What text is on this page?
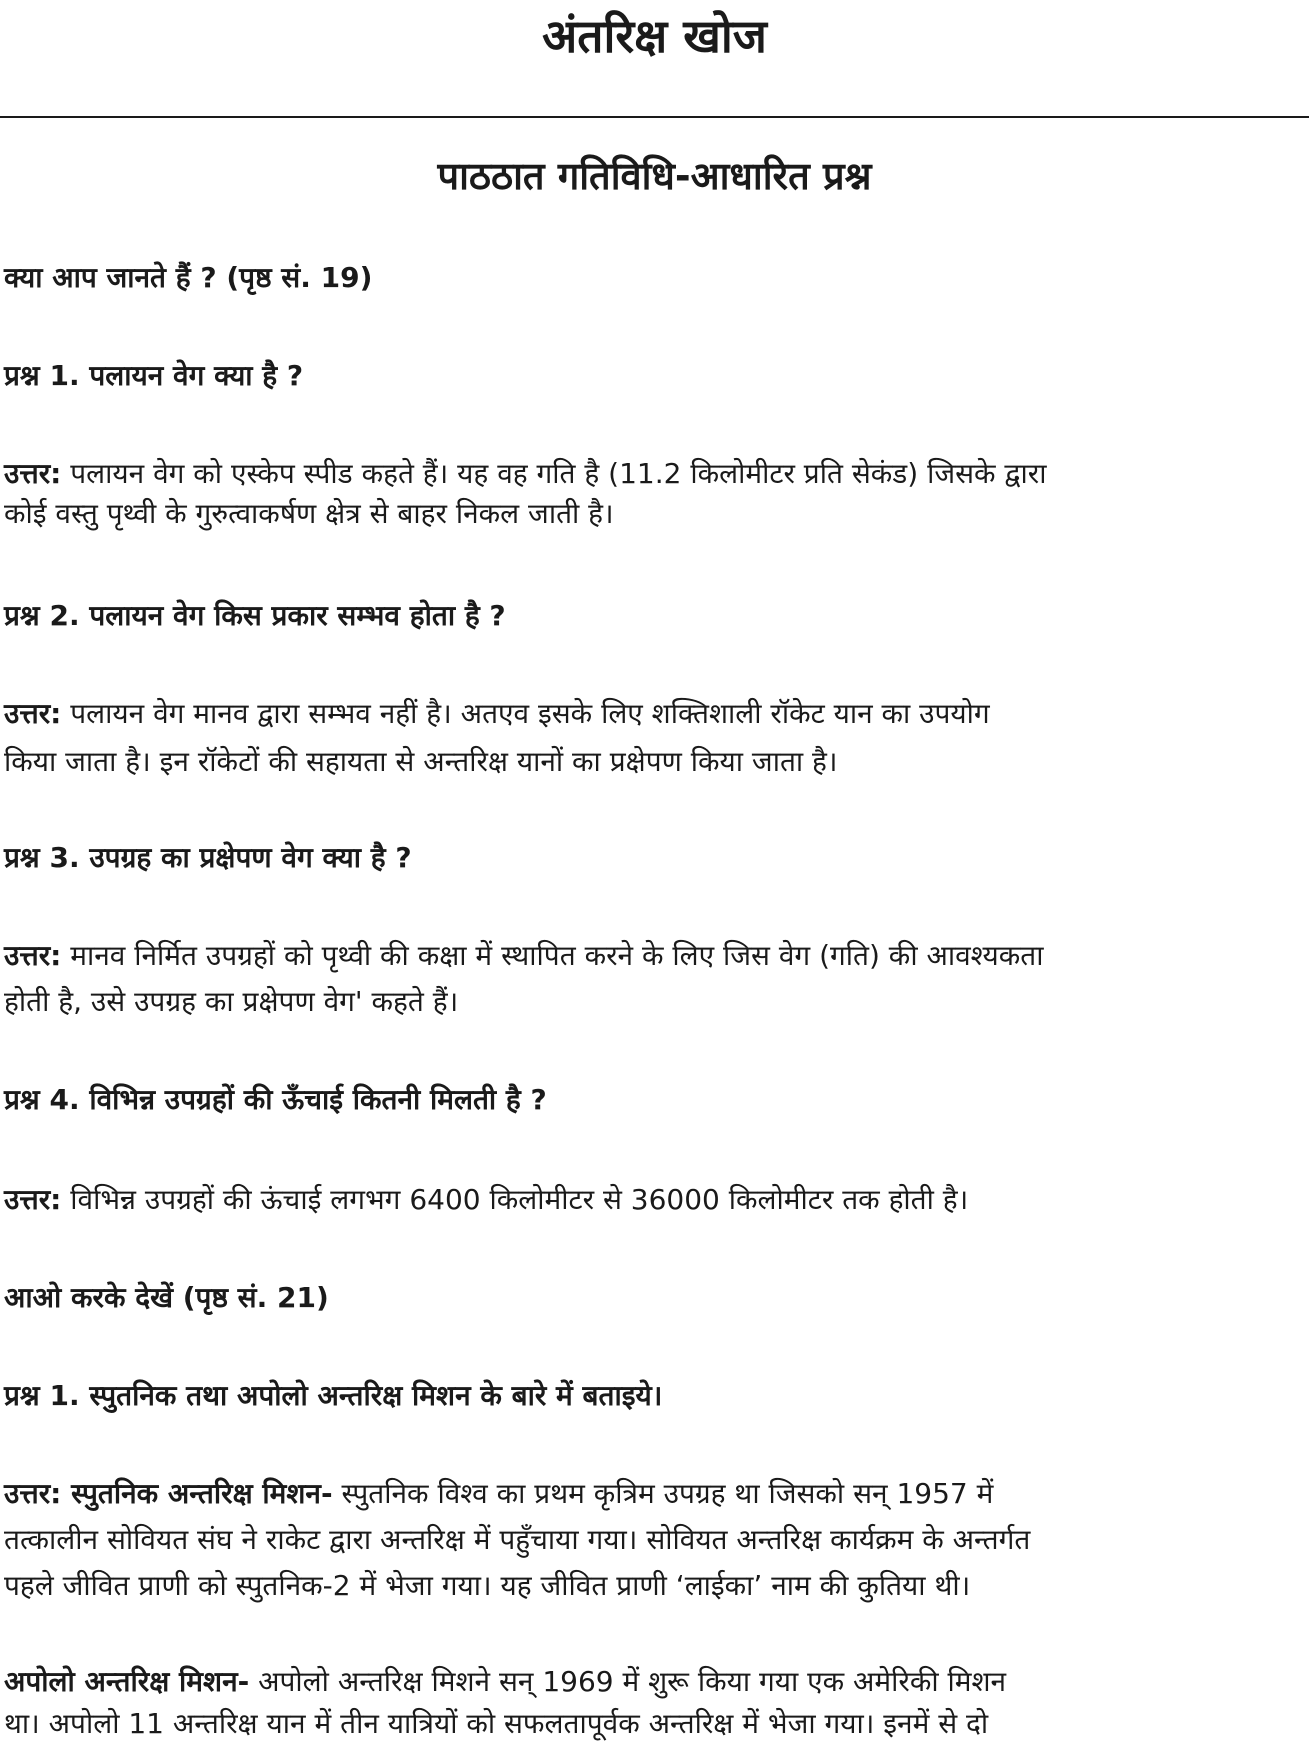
अंतरिक्ष खोज
पाठठात गतिविधि-आधारित प्रश्न

क्या आप जानते हैं ? (पृष्ठ सं. 19)

प्रश्न 1. पलायन वेग क्या है ?

उत्तर: पलायन वेग को एस्केप स्पीड कहते हैं। यह वह गति है (11.2 किलोमीटर प्रति सेकंड) जिसके द्वारा

कोई वस्तु पृथ्वी के गुरुत्वाकर्षण क्षेत्र से बाहर निकल जाती है।

प्रश्न 2. पलायन वेग किस प्रकार सम्भव होता है ?

उत्तर: पलायन वेग मानव द्वारा सम्भव नहीं है। अतएव इसके लिए शक्तिशाली रॉकेट यान का उपयोग

किया जाता है। इन रॉकेटों की सहायता से अन्तरिक्ष यानों का प्रक्षेपण किया जाता है।

प्रश्न 3. उपग्रह का प्रक्षेपण वेग क्या है ?

उत्तर: मानव निर्मित उपग्रहों को पृथ्वी की कक्षा में स्थापित करने के लिए जिस वेग (गति) की आवश्यकता

होती है, उसे उपग्रह का प्रक्षेपण वेग' कहते हैं।

प्रश्न 4. विभिन्न उपग्रहों की ऊँचाई कितनी मिलती है ?

उत्तर: विभिन्न उपग्रहों की ऊंचाई लगभग 6400 किलोमीटर से 36000 किलोमीटर तक होती है।

आओ करके देखें (पृष्ठ सं. 21)

प्रश्न 1. स्पुतनिक तथा अपोलो अन्तरिक्ष मिशन के बारे में बताइये।

उत्तर: स्पुतनिक अन्तरिक्ष मिशन- स्पुतनिक विश्व का प्रथम कृत्रिम उपग्रह था जिसको सन् 1957 में

तत्कालीन सोवियत संघ ने राकेट द्वारा अन्तरिक्ष में पहुँचाया गया। सोवियत अन्तरिक्ष कार्यक्रम के अन्तर्गत

पहले जीवित प्राणी को स्पुतनिक-2 में भेजा गया। यह जीवित प्राणी ‘लाईका’ नाम की कुतिया थी।

अपोलो अन्तरिक्ष मिशन- अपोलो अन्तरिक्ष मिशने सन् 1969 में शुरू किया गया एक अमेरिकी मिशन

था। अपोलो 11 अन्तरिक्ष यान में तीन यात्रियों को सफलतापूर्वक अन्तरिक्ष में भेजा गया। इनमें से दो
